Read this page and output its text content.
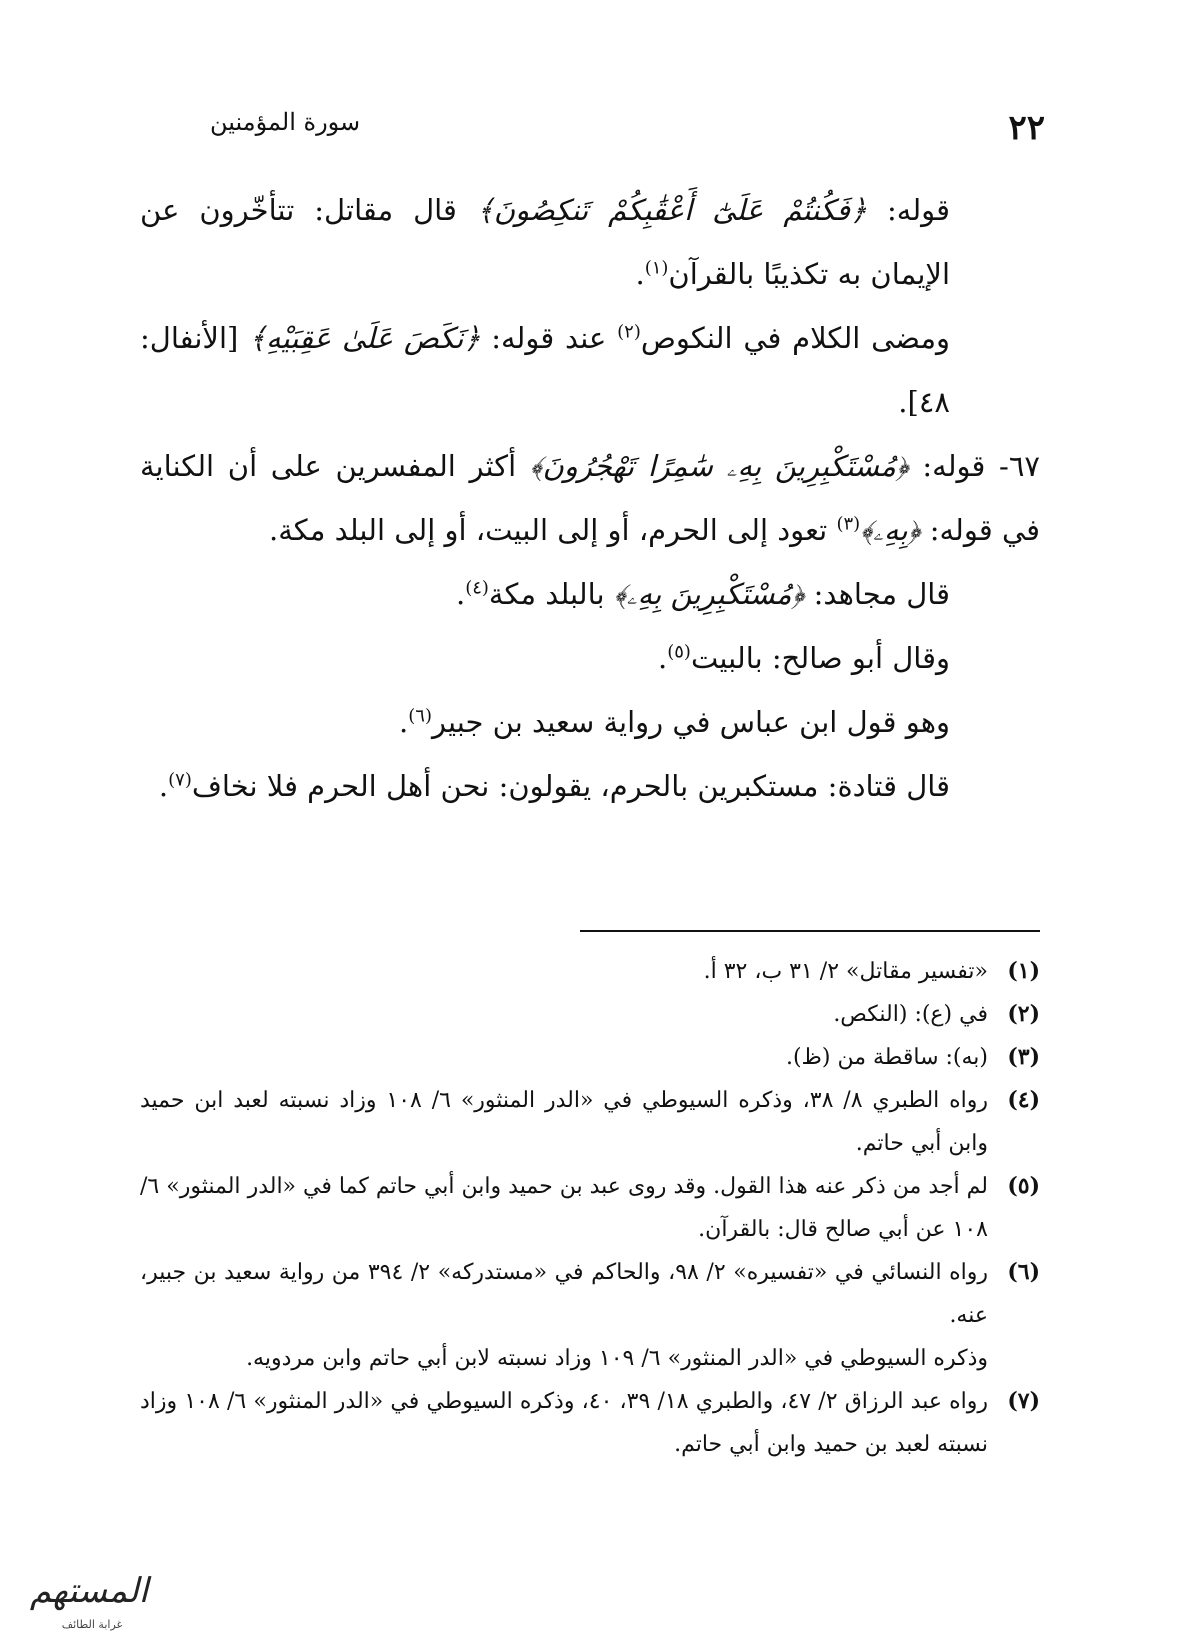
٢٢
سورة المؤمنين

قوله: ﴿فَكُنتُمْ عَلَىٰٓ أَعْقَٰبِكُمْ تَنكِصُونَ﴾ قال مقاتل: تتأخّرون عن الإيمان به تكذيبًا بالقرآن$^{(١)}$.

ومضى الكلام في النكوص$^{(٢)}$ عند قوله: ﴿نَكَصَ عَلَىٰ عَقِبَيْهِ﴾ [الأنفال: ٤٨].

٦٧- قوله: ﴿مُسْتَكْبِرِينَ بِهِۦ سَٰمِرًا تَهْجُرُونَ﴾ أكثر المفسرين على أن الكناية في قوله: ﴿بِهِۦ﴾$^{(٣)}$ تعود إلى الحرم، أو إلى البيت، أو إلى البلد مكة.

قال مجاهد: ﴿مُسْتَكْبِرِينَ بِهِۦ﴾ بالبلد مكة$^{(٤)}$.

وقال أبو صالح: بالبيت$^{(٥)}$.

وهو قول ابن عباس في رواية سعيد بن جبير$^{(٦)}$.

قال قتادة: مستكبرين بالحرم، يقولون: نحن أهل الحرم فلا نخاف$^{(٧)}$.

(١)
«تفسير مقاتل» ٢/ ٣١ ب، ٣٢ أ.

(٢)
في (ع): (النكص.

(٣)
(به): ساقطة من (ظ).

(٤)
رواه الطبري ٨/ ٣٨، وذكره السيوطي في «الدر المنثور» ٦/ ١٠٨ وزاد نسبته لعبد ابن حميد وابن أبي حاتم.

(٥)
لم أجد من ذكر عنه هذا القول. وقد روى عبد بن حميد وابن أبي حاتم كما في «الدر المنثور» ٦/ ١٠٨ عن أبي صالح قال: بالقرآن.

(٦)
رواه النسائي في «تفسيره» ٢/ ٩٨، والحاكم في «مستدركه» ٢/ ٣٩٤ من رواية سعيد بن جبير، عنه.

وذكره السيوطي في «الدر المنثور» ٦/ ١٠٩ وزاد نسبته لابن أبي حاتم وابن مردويه.

(٧)
رواه عبد الرزاق ٢/ ٤٧، والطبري ١٨/ ٣٩، ٤٠، وذكره السيوطي في «الدر المنثور» ٦/ ١٠٨ وزاد نسبته لعبد بن حميد وابن أبي حاتم.

المستهم
غرابة الطائف
